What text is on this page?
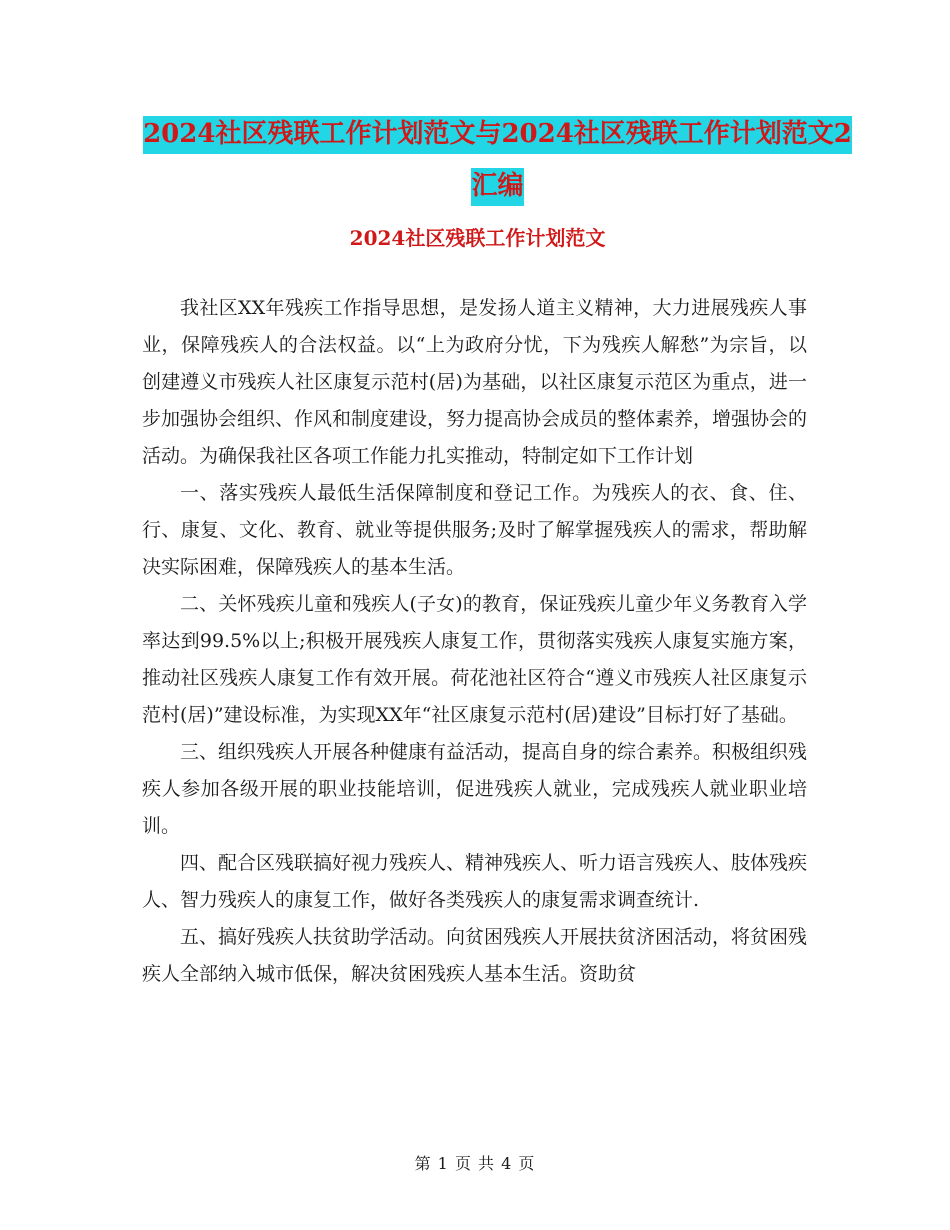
2024社区残联工作计划范文与2024社区残联工作计划范文2汇编
2024社区残联工作计划范文

我社区XX年残疾工作指导思想，是发扬人道主义精神，大力进展残疾人事业，保障残疾人的合法权益。以“上为政府分忧，下为残疾人解愁”为宗旨，以创建遵义市残疾人社区康复示范村(居)为基础，以社区康复示范区为重点，进一步加强协会组织、作风和制度建设，努力提高协会成员的整体素养，增强协会的活动。为确保我社区各项工作能力扎实推动，特制定如下工作计划

一、落实残疾人最低生活保障制度和登记工作。为残疾人的衣、食、住、行、康复、文化、教育、就业等提供服务;及时了解掌握残疾人的需求，帮助解决实际困难，保障残疾人的基本生活。

二、关怀残疾儿童和残疾人(子女)的教育，保证残疾儿童少年义务教育入学率达到99.5%以上;积极开展残疾人康复工作，贯彻落实残疾人康复实施方案，推动社区残疾人康复工作有效开展。荷花池社区符合“遵义市残疾人社区康复示范村(居)”建设标准，为实现XX年“社区康复示范村(居)建设”目标打好了基础。

三、组织残疾人开展各种健康有益活动，提高自身的综合素养。积极组织残疾人参加各级开展的职业技能培训，促进残疾人就业，完成残疾人就业职业培训。

四、配合区残联搞好视力残疾人、精神残疾人、听力语言残疾人、肢体残疾人、智力残疾人的康复工作，做好各类残疾人的康复需求调查统计.

五、搞好残疾人扶贫助学活动。向贫困残疾人开展扶贫济困活动，将贫困残疾人全部纳入城市低保，解决贫困残疾人基本生活。资助贫

第 1 页 共 4 页
